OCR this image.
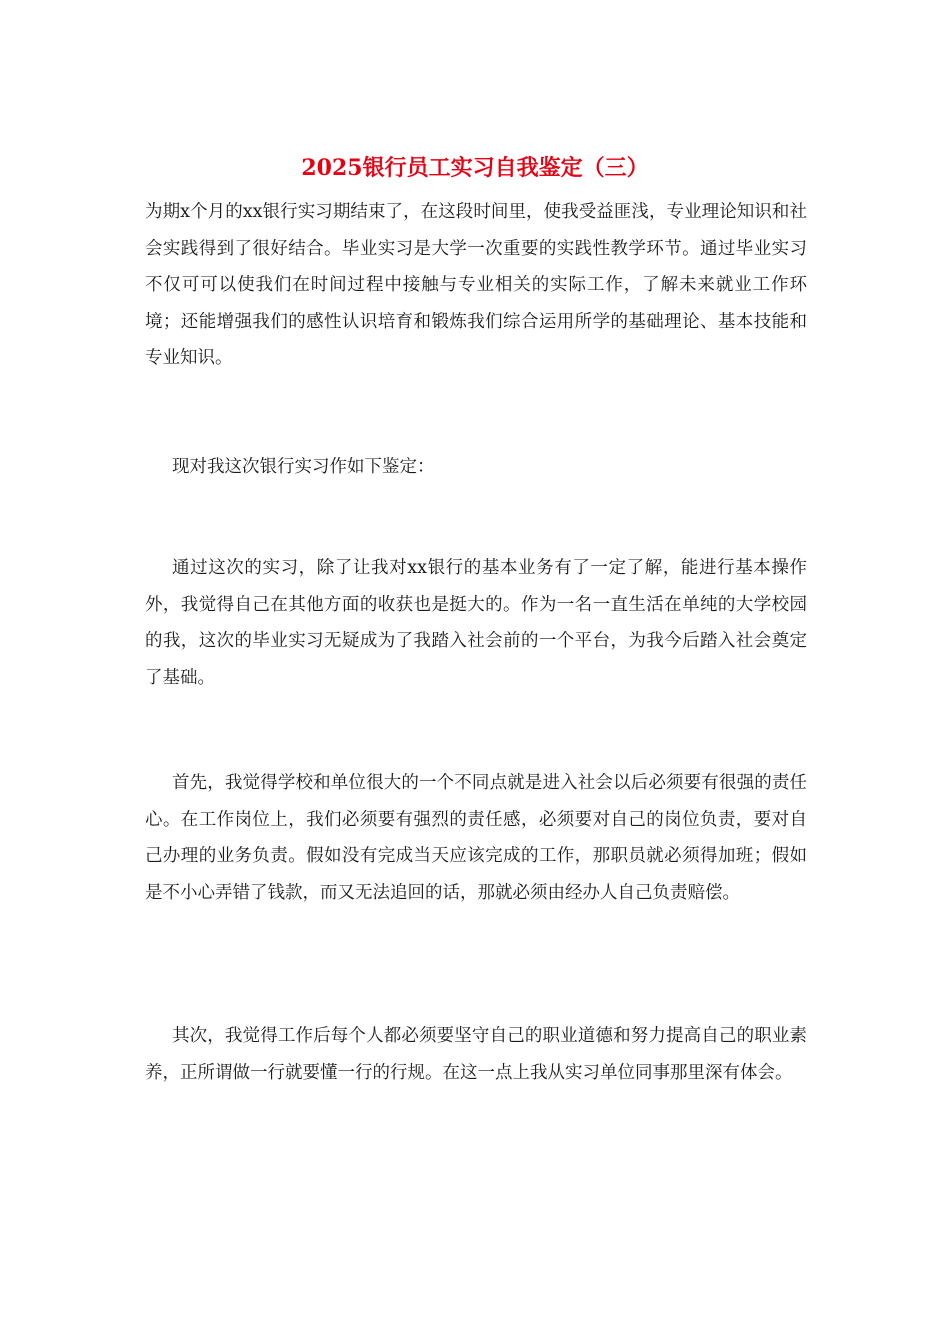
2025银行员工实习自我鉴定（三）

为期x个月的xx银行实习期结束了，在这段时间里，使我受益匪浅，专业理论知识和社会实践得到了很好结合。毕业实习是大学一次重要的实践性教学环节。通过毕业实习不仅可可以使我们在时间过程中接触与专业相关的实际工作，了解未来就业工作环境；还能增强我们的感性认识培育和锻炼我们综合运用所学的基础理论、基本技能和专业知识。

现对我这次银行实习作如下鉴定：

通过这次的实习，除了让我对xx银行的基本业务有了一定了解，能进行基本操作外，我觉得自己在其他方面的收获也是挺大的。作为一名一直生活在单纯的大学校园的我，这次的毕业实习无疑成为了我踏入社会前的一个平台，为我今后踏入社会奠定了基础。

首先，我觉得学校和单位很大的一个不同点就是进入社会以后必须要有很强的责任心。在工作岗位上，我们必须要有强烈的责任感，必须要对自己的岗位负责，要对自己办理的业务负责。假如没有完成当天应该完成的工作，那职员就必须得加班；假如是不小心弄错了钱款，而又无法追回的话，那就必须由经办人自己负责赔偿。

其次，我觉得工作后每个人都必须要坚守自己的职业道德和努力提高自己的职业素养，正所谓做一行就要懂一行的行规。在这一点上我从实习单位同事那里深有体会。
